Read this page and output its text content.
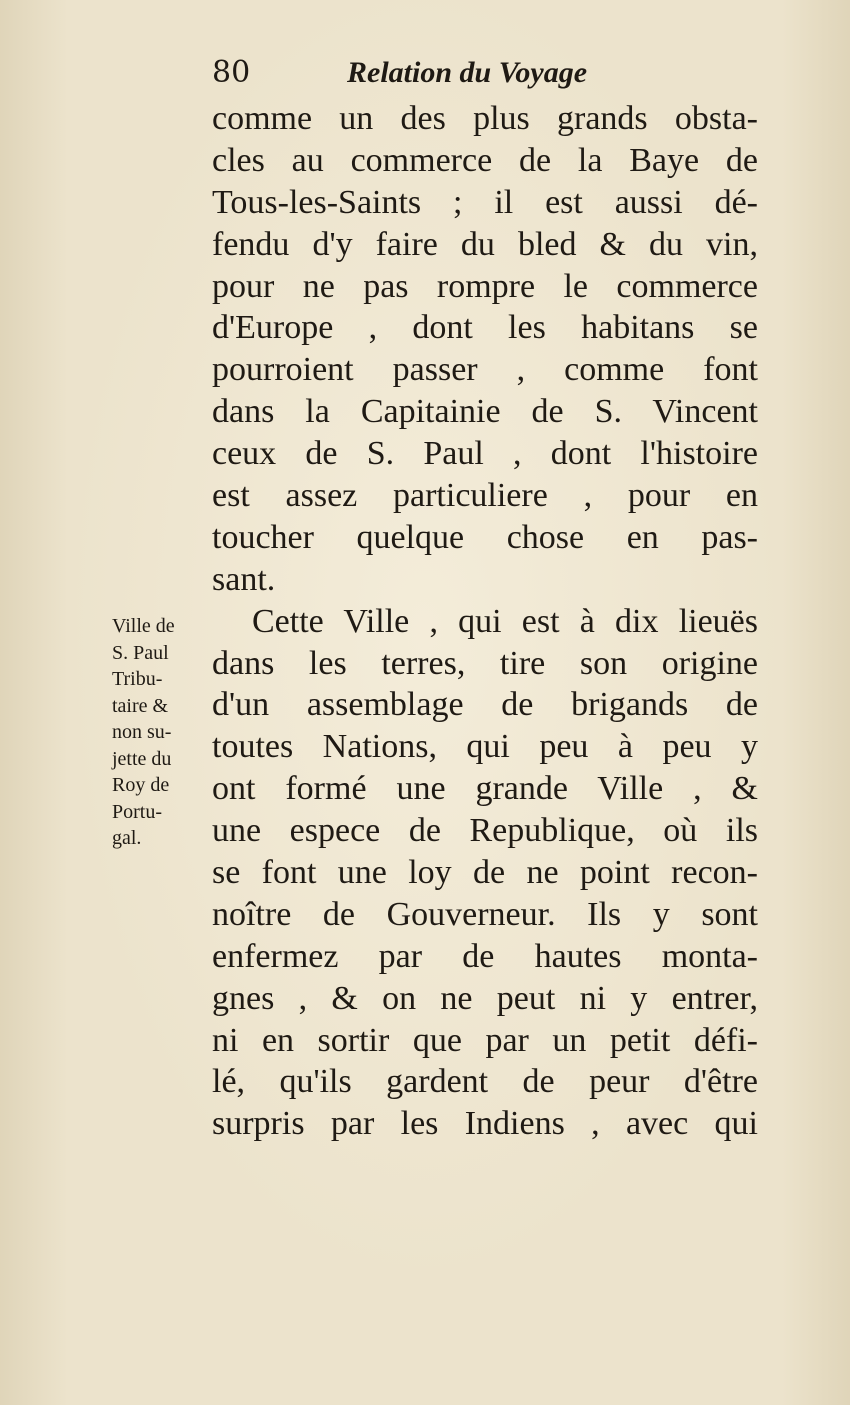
80	Relation du Voyage
comme un des plus grands obsta-
cles au commerce de la Baye de
Tous-les-Saints ; il est aussi dé-
fendu d'y faire du bled & du vin,
pour ne pas rompre le commerce
d'Europe , dont les habitans se
pourroient passer , comme font
dans la Capitainie de S. Vincent
ceux de S. Paul , dont l'histoire
est assez particuliere , pour en
toucher quelque chose en pas-
sant.
Cette Ville , qui est à dix lieuës
dans les terres, tire son origine
d'un assemblage de brigands de
toutes Nations, qui peu à peu y
ont formé une grande Ville , &
une espece de Republique, où ils
se font une loy de ne point recon-
noître de Gouverneur. Ils y sont
enfermez par de hautes monta-
gnes , & on ne peut ni y entrer,
ni en sortir que par un petit défi-
lé, qu'ils gardent de peur d'être
surpris par les Indiens , avec qui
Ville de
S. Paul
Tribu-
taire &
non su-
jette du
Roy de
Portu-
gal.
